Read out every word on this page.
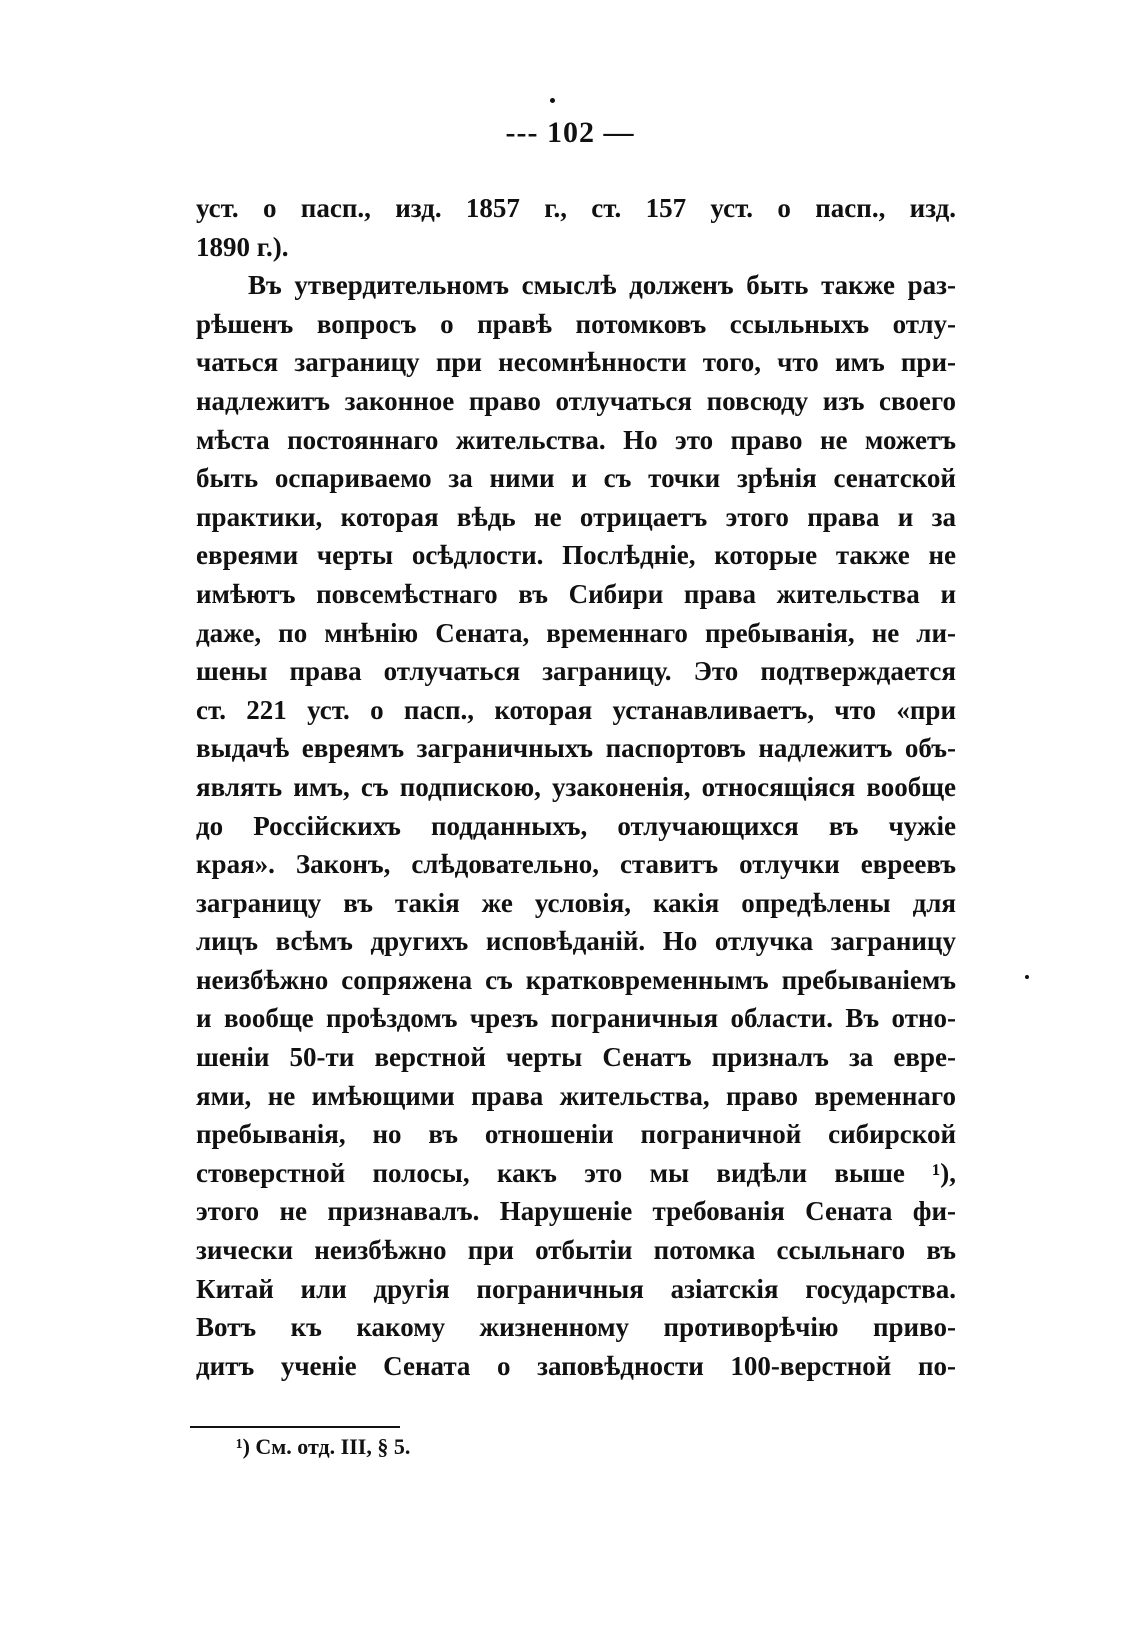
--- 102 —
уст. о пасп., изд. 1857 г., ст. 157 уст. о пасп., изд.
1890 г.).
Въ утвердительномъ смыслѣ долженъ быть также раз-
рѣшенъ вопросъ о правѣ потомковъ ссыльныхъ отлу-
чаться заграницу при несомнѣнности того, что имъ при-
надлежитъ законное право отлучаться повсюду изъ своего
мѣста постояннаго жительства. Но это право не можетъ
быть оспариваемо за ними и съ точки зрѣнія сенатской
практики, которая вѣдь не отрицаетъ этого права и за
евреями черты осѣдлости. Послѣдніе, которые также не
имѣютъ повсемѣстнаго въ Сибири права жительства и
даже, по мнѣнію Сената, временнаго пребыванія, не ли-
шены права отлучаться заграницу. Это подтверждается
ст. 221 уст. о пасп., которая устанавливаетъ, что «при
выдачѣ евреямъ заграничныхъ паспортовъ надлежитъ объ-
являть имъ, съ подпискою, узаконенія, относящіяся вообще
до Россійскихъ подданныхъ, отлучающихся въ чужіе
края». Законъ, слѣдовательно, ставитъ отлучки евреевъ
заграницу въ такія же условія, какія опредѣлены для
лицъ всѣмъ другихъ исповѣданій. Но отлучка заграницу
неизбѣжно сопряжена съ кратковременнымъ пребываніемъ
и вообще проѣздомъ чрезъ пограничныя области. Въ отно-
шеніи 50-ти верстной черты Сенатъ призналъ за евре-
ями, не имѣющими права жительства, право временнаго
пребыванія, но въ отношеніи пограничной сибирской
стоверстной полосы, какъ это мы видѣли выше ¹),
этого не признавалъ. Нарушеніе требованія Сената фи-
зически неизбѣжно при отбытіи потомка ссыльнаго въ
Китай или другія пограничныя азіатскія государства.
Вотъ къ какому жизненному противорѣчію приво-
дитъ ученіе Сената о заповѣдности 100-верстной по-
¹) См. отд. III, § 5.
